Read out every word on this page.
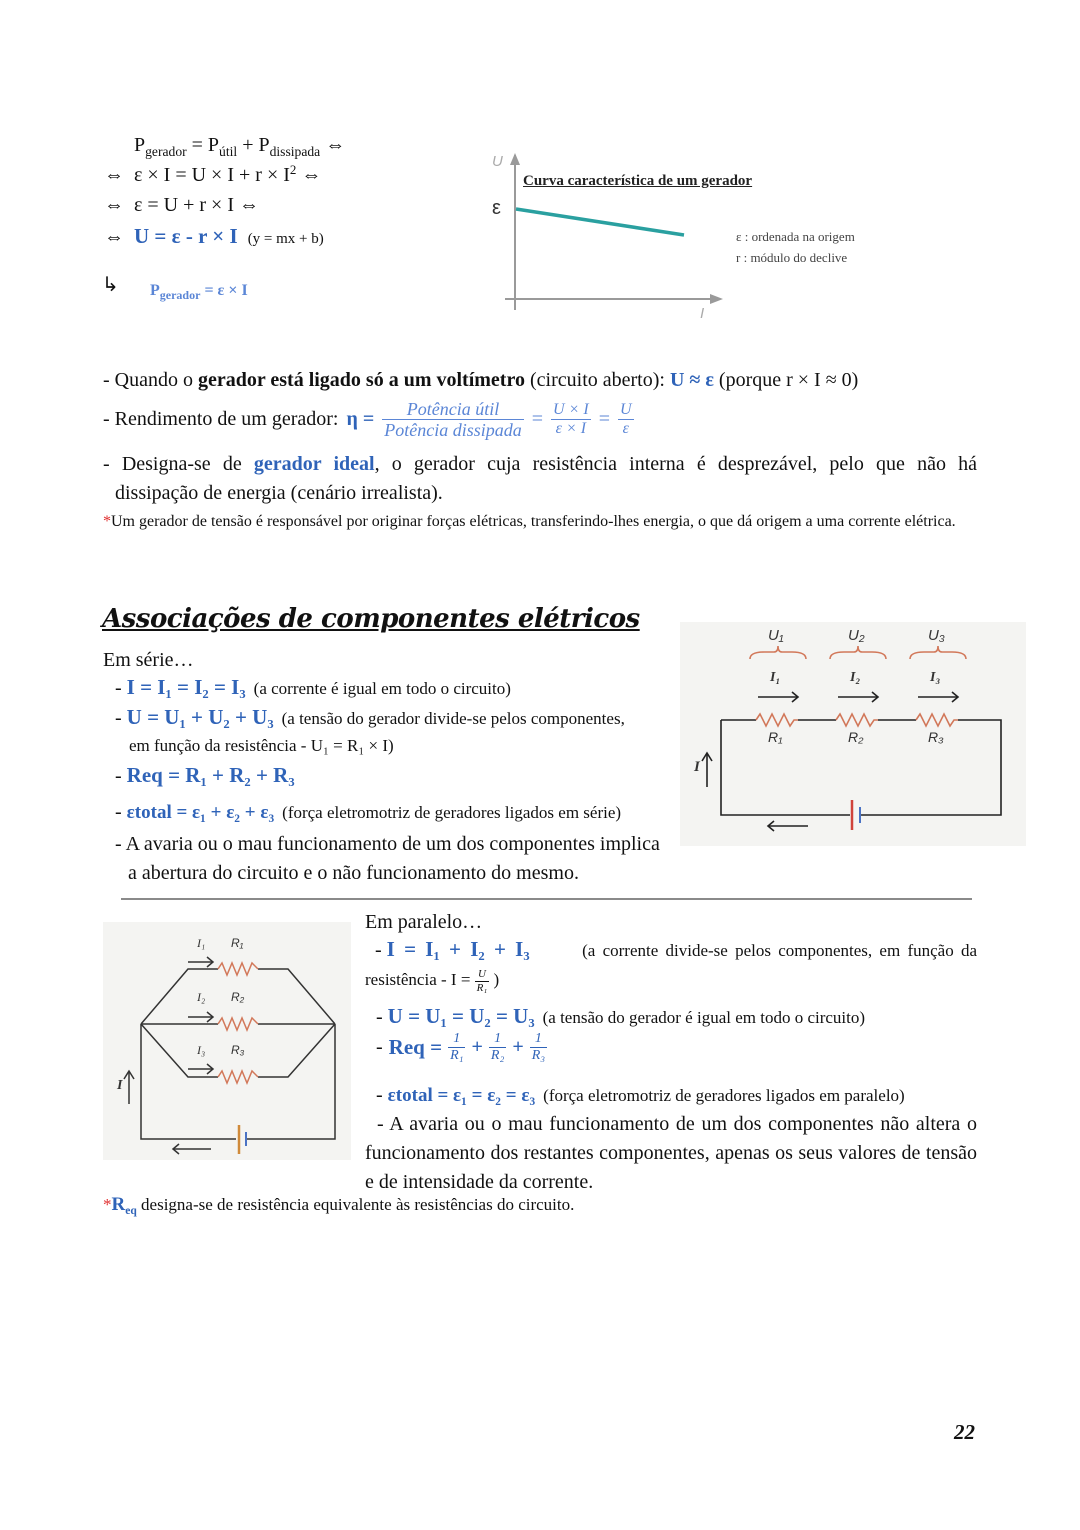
$P_{gerador} = P_{útil} + P_{dissipada}$ ⇔
⇔ $\varepsilon \times I = U \times I + r \times I^2$ ⇔
⇔ ε = U + r × I ⇔
⇔ U = ε - r × I (y = mx + b)
↳ $P_{gerador} = \varepsilon \times I$
U
ε
I
Curva característica de um gerador
ε : ordenada na origem
r : módulo do declive
- Quando o gerador está ligado só a um voltímetro (circuito aberto): U ≈ ε (porque r × I ≈ 0)
- Rendimento de um gerador: $\eta = \frac{\text{Potência útil}}{\text{Potência dissipada}} = \frac{U \times I}{\varepsilon \times I} = \frac{U}{\varepsilon}$
- Designa-se de gerador ideal, o gerador cuja resistência interna é desprezável, pelo que não há
dissipação de energia (cenário irrealista).
*Um gerador de tensão é responsável por originar forças elétricas, transferindo-lhes energia, o que dá origem a uma corrente elétrica.
Associações de componentes elétricos
Em série…
- I = I₁ = I₂ = I₃ (a corrente é igual em todo o circuito)
- U = U₁ + U₂ + U₃ (a tensão do gerador divide-se pelos componentes,
em função da resistência - U₁ = R₁ × I)
- Req = R₁ + R₂ + R₃
- εtotal = ε₁ + ε₂ + ε₃ (força eletromotriz de geradores ligados em série)
- A avaria ou o mau funcionamento de um dos componentes implica
a abertura do circuito e o não funcionamento do mesmo.
U₁	U₂	U₃
I₁	I₂	I₃
R₁	R₂	R₃
I
I₁
I₂
I₃
R₁
R₂
R₃
I
Em paralelo…
- I = I₁ + I₂ + I₃	(a corrente divide-se pelos componentes, em função da
resistência - $I = \frac{U}{\text{R₁}}$ )
- U = U₁ = U₂ = U₃ (a tensão do gerador é igual em todo o circuito)
- Req = $\frac{1}{\text{R₁}} + \frac{1}{\text{R₂}} + \frac{1}{\text{R₃}}$
- εtotal = ε₁ = ε₂ = ε₃ (força eletromotriz de geradores ligados em paralelo)
- A avaria ou o mau funcionamento de um dos componentes não altera o
funcionamento dos restantes componentes, apenas os seus valores de tensão
e de intensidade da corrente.
$*R_{eq}$ designa-se de resistência equivalente às resistências do circuito.
22
